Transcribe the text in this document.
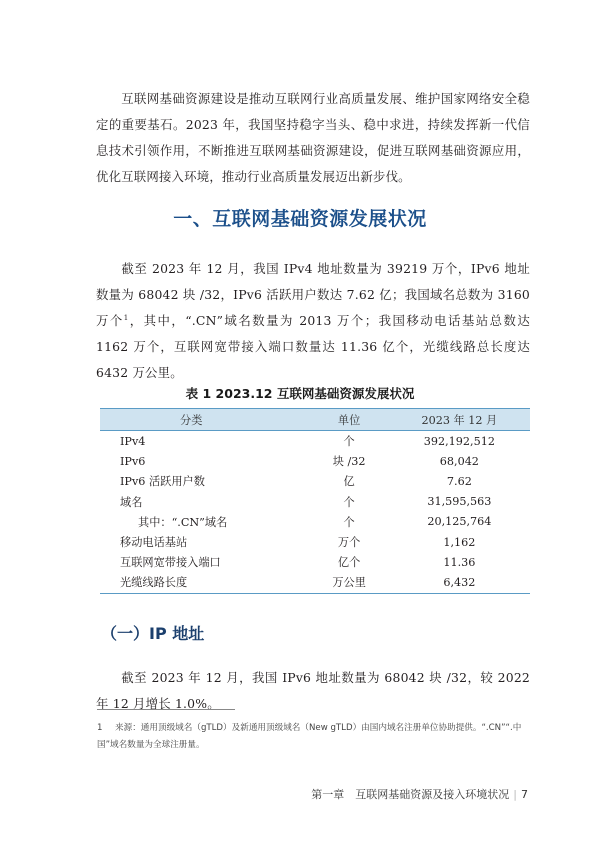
互联网基础资源建设是推动互联网行业高质量发展、维护国家网络安全稳定的重要基石。2023 年，我国坚持稳字当头、稳中求进，持续发挥新一代信息技术引领作用，不断推进互联网基础资源建设，促进互联网基础资源应用，优化互联网接入环境，推动行业高质量发展迈出新步伐。

一、互联网基础资源发展状况

截至 2023 年 12 月，我国 IPv4 地址数量为 39219 万个，IPv6 地址数量为 68042 块 /32，IPv6 活跃用户数达 7.62 亿；我国域名总数为 3160 万个$^1$，其中，“.CN”域名数量为 2013 万个；我国移动电话基站总数达 1162 万个，互联网宽带接入端口数量达 11.36 亿个，光缆线路总长度达 6432 万公里。

表 1 2023.12 互联网基础资源发展状况
分类	单位	2023 年 12 月
IPv4	个	392,192,512
IPv6	块 /32	68,042
IPv6 活跃用户数	亿	7.62
域名	个	31,595,563
其中：“.CN”域名	个	20,125,764
移动电话基站	万个	1,162
互联网宽带接入端口	亿个	11.36
光缆线路长度	万公里	6,432
（一）IP 地址

截至 2023 年 12 月，我国 IPv6 地址数量为 68042 块 /32，较 2022 年 12 月增长 1.0%。

1 来源：通用顶级域名（gTLD）及新通用顶级域名（New gTLD）由国内域名注册单位协助提供。“.CN”“.中国”域名数量为全球注册量。
第一章　互联网基础资源及接入环境状况 | 7
